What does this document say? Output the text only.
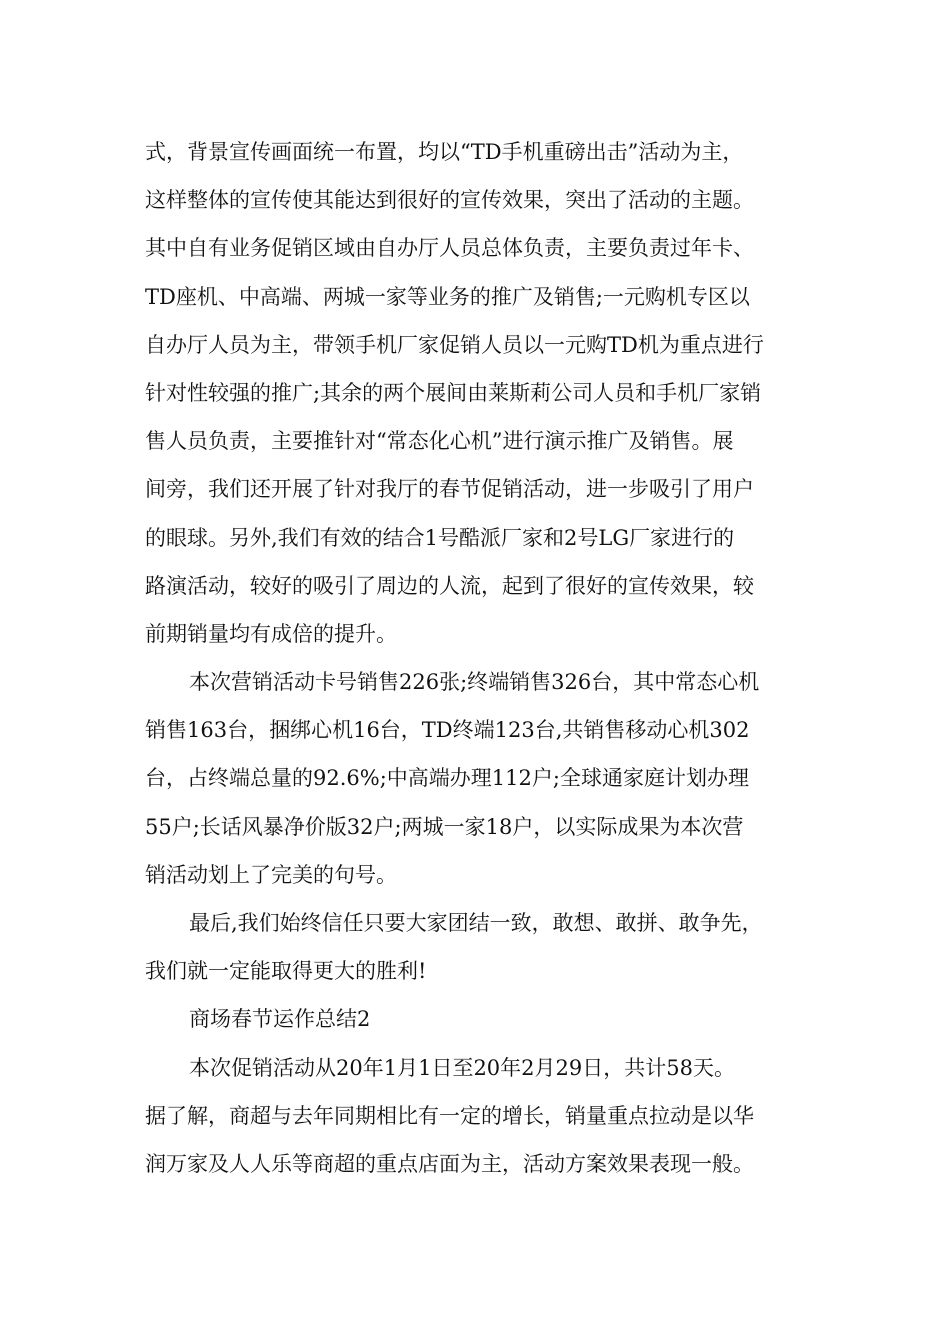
式，背景宣传画面统一布置，均以“TD手机重磅出击”活动为主，
这样整体的宣传使其能达到很好的宣传效果，突出了活动的主题。
其中自有业务促销区域由自办厅人员总体负责，主要负责过年卡、
TD座机、中高端、两城一家等业务的推广及销售;一元购机专区以
自办厅人员为主，带领手机厂家促销人员以一元购TD机为重点进行
针对性较强的推广;其余的两个展间由莱斯莉公司人员和手机厂家销
售人员负责，主要推针对“常态化心机”进行演示推广及销售。展
间旁，我们还开展了针对我厅的春节促销活动，进一步吸引了用户
的眼球。另外,我们有效的结合1号酷派厂家和2号LG厂家进行的
路演活动，较好的吸引了周边的人流，起到了很好的宣传效果，较
前期销量均有成倍的提升。
本次营销活动卡号销售226张;终端销售326台，其中常态心机
销售163台，捆绑心机16台，TD终端123台,共销售移动心机302
台，占终端总量的92.6%;中高端办理112户;全球通家庭计划办理
55户;长话风暴净价版32户;两城一家18户，以实际成果为本次营
销活动划上了完美的句号。
最后,我们始终信任只要大家团结一致，敢想、敢拼、敢争先，
我们就一定能取得更大的胜利!
商场春节运作总结2
本次促销活动从20年1月1日至20年2月29日，共计58天。
据了解，商超与去年同期相比有一定的增长，销量重点拉动是以华
润万家及人人乐等商超的重点店面为主，活动方案效果表现一般。
